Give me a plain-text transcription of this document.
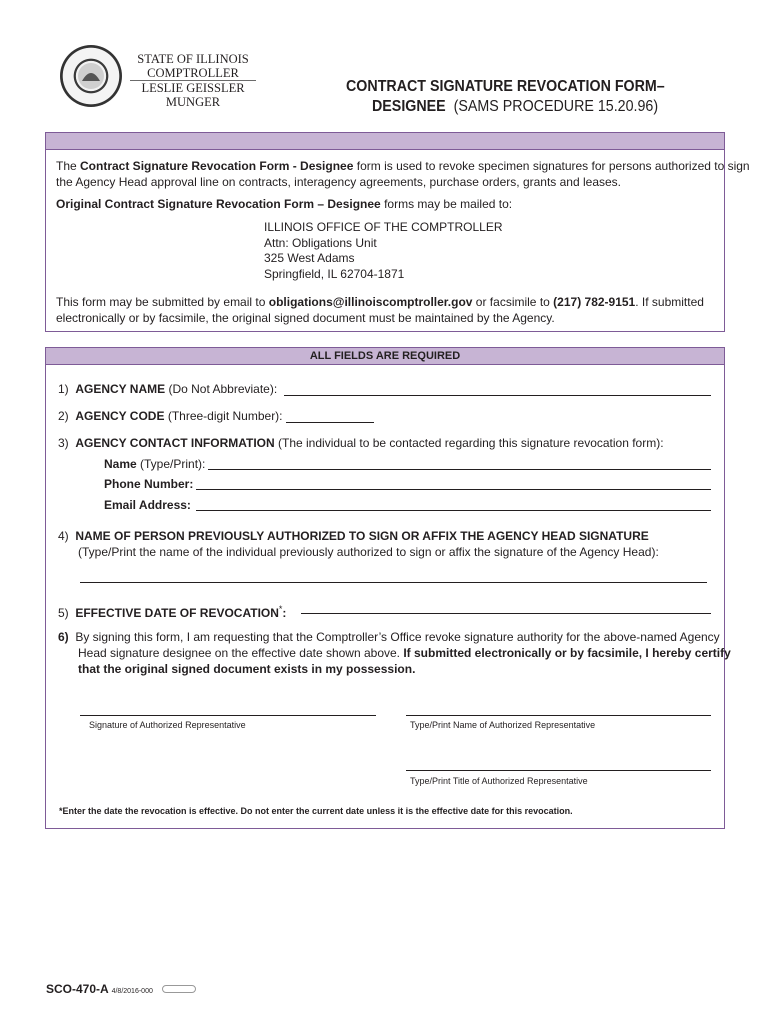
STATE OF ILLINOIS
COMPTROLLER
LESLIE GEISSLER MUNGER
CONTRACT SIGNATURE REVOCATION FORM–
DESIGNEE (SAMS PROCEDURE 15.20.96)
The Contract Signature Revocation Form - Designee form is used to revoke specimen signatures for persons authorized to sign
the Agency Head approval line on contracts, interagency agreements, purchase orders, grants and leases.
Original Contract Signature Revocation Form – Designee forms may be mailed to:
ILLINOIS OFFICE OF THE COMPTROLLER
Attn: Obligations Unit
325 West Adams
Springfield, IL 62704-1871
This form may be submitted by email to obligations@illinoiscomptroller.gov or facsimile to (217) 782-9151. If submitted
electronically or by facsimile, the original signed document must be maintained by the Agency.
ALL FIELDS ARE REQUIRED
1) AGENCY NAME (Do Not Abbreviate):
2) AGENCY CODE (Three-digit Number):
3) AGENCY CONTACT INFORMATION (The individual to be contacted regarding this signature revocation form):
Name (Type/Print):
Phone Number:
Email Address:
4) NAME OF PERSON PREVIOUSLY AUTHORIZED TO SIGN OR AFFIX THE AGENCY HEAD SIGNATURE
(Type/Print the name of the individual previously authorized to sign or affix the signature of the Agency Head):
5) EFFECTIVE DATE OF REVOCATION*:
6) By signing this form, I am requesting that the Comptroller’s Office revoke signature authority for the above-named Agency
Head signature designee on the effective date shown above. If submitted electronically or by facsimile, I hereby certify
that the original signed document exists in my possession.
Signature of Authorized Representative	Type/Print Name of Authorized Representative
Type/Print Title of Authorized Representative
*Enter the date the revocation is effective. Do not enter the current date unless it is the effective date for this revocation.
SCO-470-A 4/8/2016-000
